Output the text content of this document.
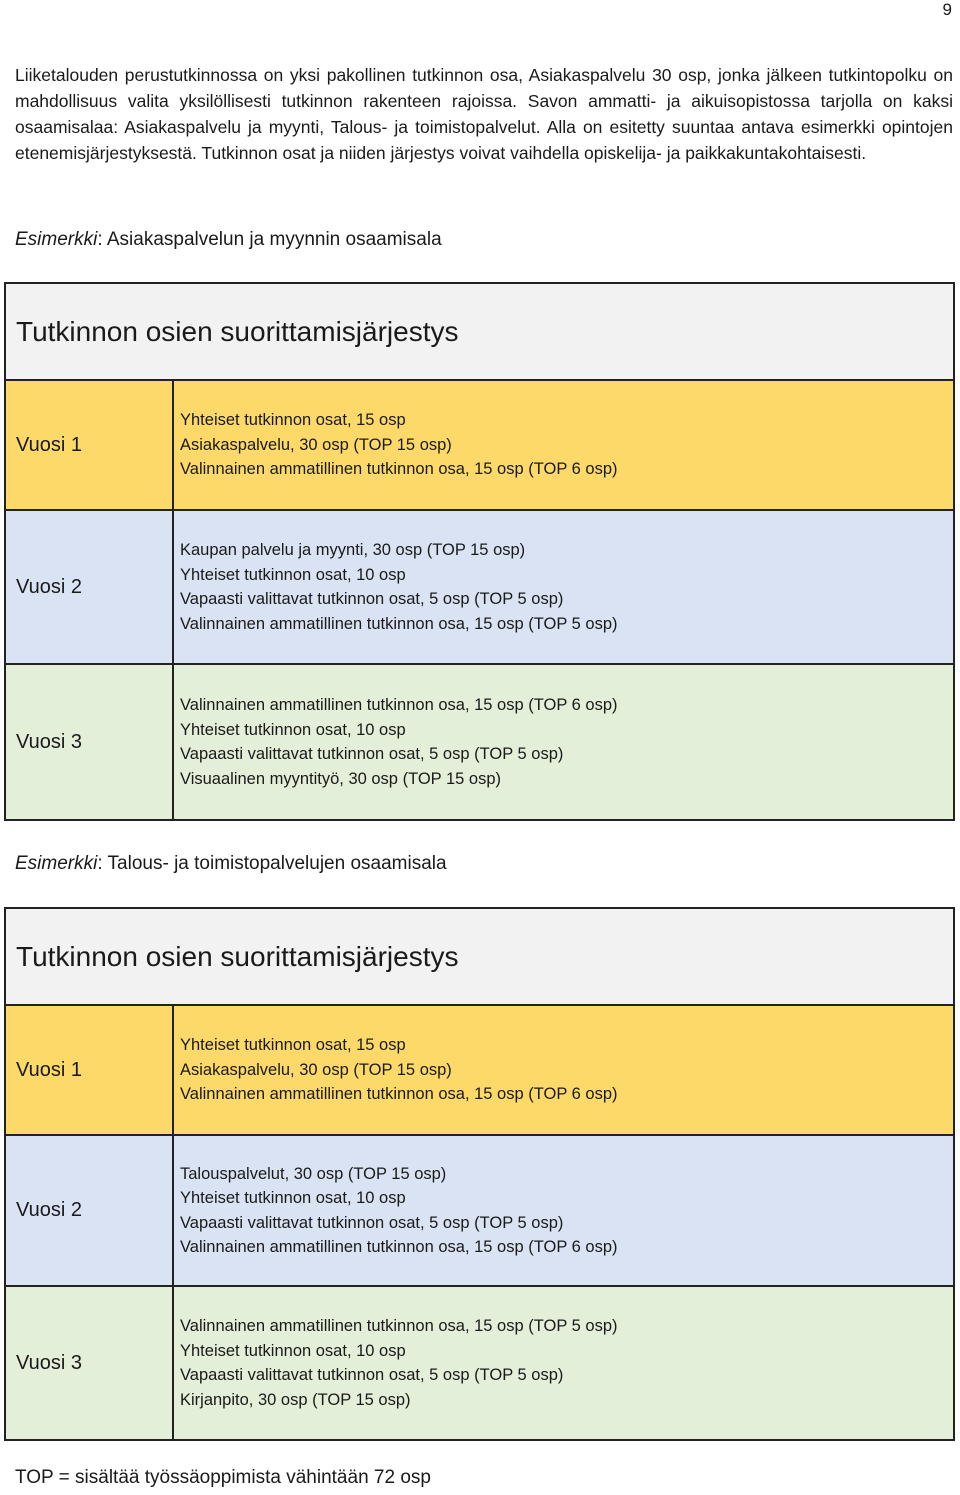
9

Liiketalouden perustutkinnossa on yksi pakollinen tutkinnon osa, Asiakaspalvelu 30 osp, jonka jälkeen tutkintopolku on mahdollisuus valita yksilöllisesti tutkinnon rakenteen rajoissa. Savon ammatti- ja aikuisopistossa tarjolla on kaksi osaamisalaa: Asiakaspalvelu ja myynti, Talous- ja toimistopalvelut. Alla on esitetty suuntaa antava esimerkki opintojen etenemisjärjestyksestä. Tutkinnon osat ja niiden järjestys voivat vaihdella opiskelija- ja paikkakuntakohtaisesti.

Esimerkki: Asiakaspalvelun ja myynnin osaamisala
Tutkinnon osien suorittamisjärjestys
Vuosi 1
Yhteiset tutkinnon osat, 15 osp
Asiakaspalvelu, 30 osp (TOP 15 osp)
Valinnainen ammatillinen tutkinnon osa, 15 osp (TOP 6 osp)
Vuosi 2
Kaupan palvelu ja myynti, 30 osp (TOP 15 osp)
Yhteiset tutkinnon osat, 10 osp
Vapaasti valittavat tutkinnon osat, 5 osp (TOP 5 osp)
Valinnainen ammatillinen tutkinnon osa, 15 osp (TOP 5 osp)
Vuosi 3
Valinnainen ammatillinen tutkinnon osa, 15 osp (TOP 6 osp)
Yhteiset tutkinnon osat, 10 osp
Vapaasti valittavat tutkinnon osat, 5 osp (TOP 5 osp)
Visuaalinen myyntityö, 30 osp (TOP 15 osp)
Esimerkki: Talous- ja toimistopalvelujen osaamisala
Tutkinnon osien suorittamisjärjestys
Vuosi 1
Yhteiset tutkinnon osat, 15 osp
Asiakaspalvelu, 30 osp (TOP 15 osp)
Valinnainen ammatillinen tutkinnon osa, 15 osp (TOP 6 osp)
Vuosi 2
Talouspalvelut, 30 osp (TOP 15 osp)
Yhteiset tutkinnon osat, 10 osp
Vapaasti valittavat tutkinnon osat, 5 osp (TOP 5 osp)
Valinnainen ammatillinen tutkinnon osa, 15 osp (TOP 6 osp)
Vuosi 3
Valinnainen ammatillinen tutkinnon osa, 15 osp (TOP 5 osp)
Yhteiset tutkinnon osat, 10 osp
Vapaasti valittavat tutkinnon osat, 5 osp (TOP 5 osp)
Kirjanpito, 30 osp (TOP 15 osp)
TOP = sisältää työssäoppimista vähintään 72 osp
